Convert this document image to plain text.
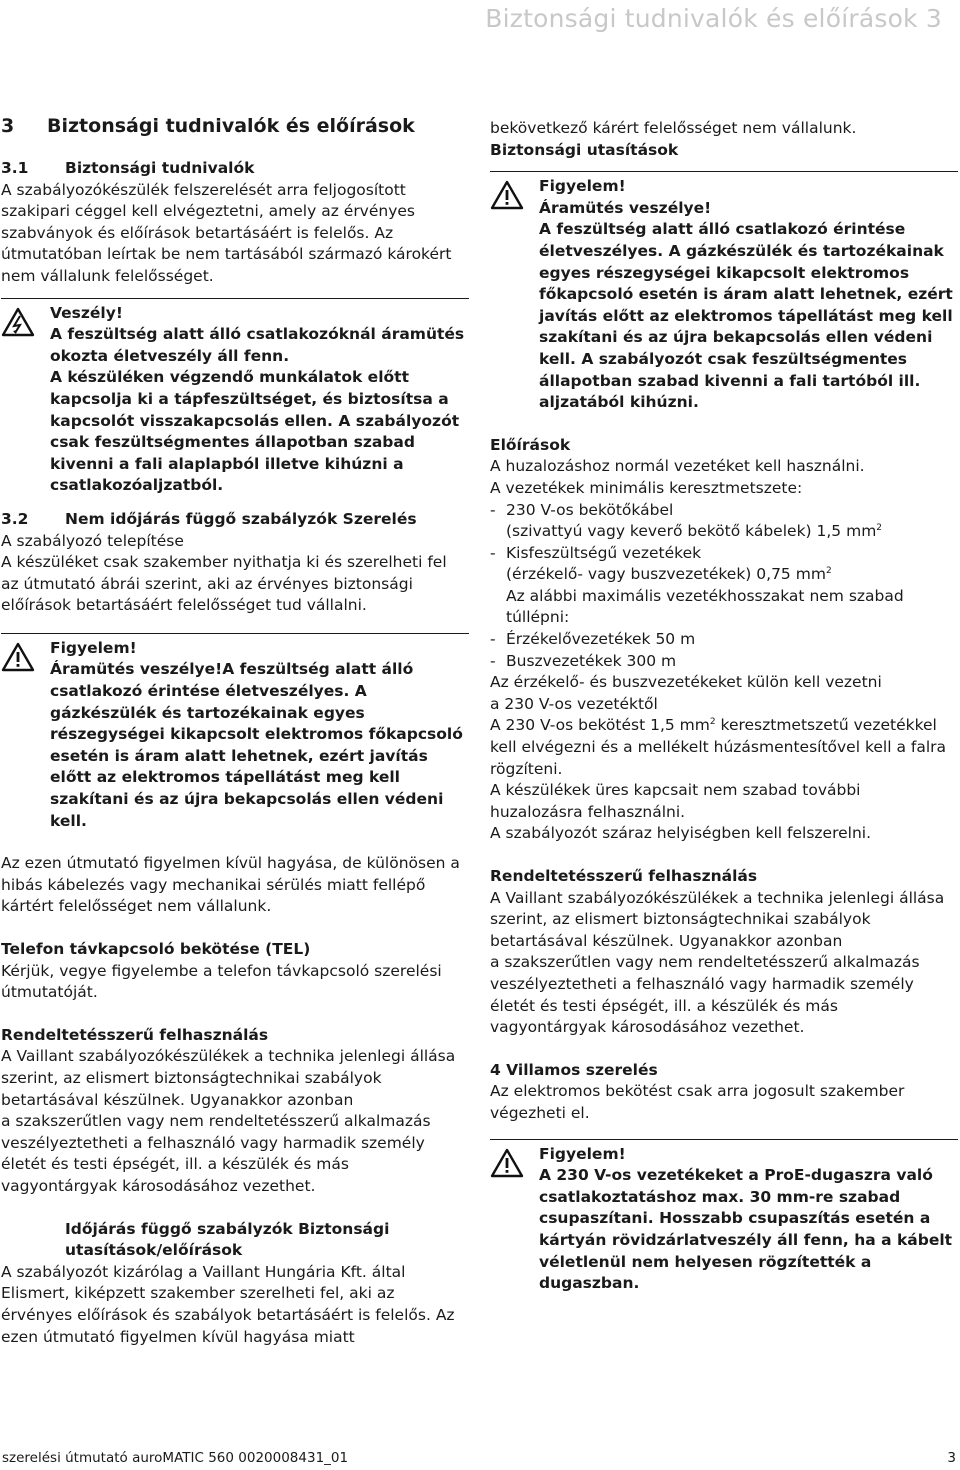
Biztonsági tudnivalók és előírások 3
3 Biztonsági tudnivalók és előírások
3.1 Biztonsági tudnivalók

A szabályozókészülék felszerelését arra feljogosított szakipari céggel kell elvégeztetni, amely az érvényes szabványok és előírások betartásáért is felelős. Az útmutatóban leírtak be nem tartásából származó károkért nem vállalunk felelősséget.

Veszély!

A feszültség alatt álló csatlakozóknál áramütés okozta életveszély áll fenn.

A készüléken végzendő munkálatok előtt kapcsolja ki a tápfeszültséget, és biztosítsa a kapcsolót visszakapcsolás ellen. A szabályozót csak feszültségmentes állapotban szabad kivenni a fali alaplapból illetve kihúzni a csatlakozóaljzatból.

3.2 Nem időjárás függő szabályzók Szerelés

A szabályozó telepítése

A készüléket csak szakember nyithatja ki és szerelheti fel az útmutató ábrái szerint, aki az érvényes biztonsági előírások betartásáért felelősséget tud vállalni.

Figyelem!

Áramütés veszélye!A feszültség alatt álló csatlakozó érintése életveszélyes. A gázkészülék és tartozékainak egyes részegységei kikapcsolt elektromos főkapcsoló esetén is áram alatt lehetnek, ezért javítás előtt az elektromos tápellátást meg kell szakítani és az újra bekapcsolás ellen védeni kell.

Az ezen útmutató figyelmen kívül hagyása, de különösen a hibás kábelezés vagy mechanikai sérülés miatt fellépő kártért felelősséget nem vállalunk.

Telefon távkapcsoló bekötése (TEL)

Kérjük, vegye figyelembe a telefon távkapcsoló szerelési útmutatóját.

Rendeltetésszerű felhasználás

A Vaillant szabályozókészülékek a technika jelenlegi állása szerint, az elismert biztonságtechnikai szabályok betartásával készülnek. Ugyanakkor azonban

a szakszerűtlen vagy nem rendeltetésszerű alkalmazás veszélyeztetheti a felhasználó vagy harmadik személy életét és testi épségét, ill. a készülék és más vagyontárgyak károsodásához vezethet.

Időjárás függő szabályzók Biztonsági utasítások/előírások

A szabályozót kizárólag a Vaillant Hungária Kft. által Elismert, kiképzett szakember szerelheti fel, aki az érvényes előírások és szabályok betartásáért is felelős. Az ezen útmutató figyelmen kívül hagyása miatt

bekövetkező kárért felelősséget nem vállalunk.

Biztonsági utasítások

Figyelem!

Áramütés veszélye!

A feszültség alatt álló csatlakozó érintése életveszélyes. A gázkészülék és tartozékainak egyes részegységei kikapcsolt elektromos főkapcsoló esetén is áram alatt lehetnek, ezért javítás előtt az elektromos tápellátást meg kell szakítani és az újra bekapcsolás ellen védeni kell. A szabályozót csak feszültségmentes állapotban szabad kivenni a fali tartóból ill. aljzatából kihúzni.

Előírások

A huzalozáshoz normál vezetéket kell használni.

A vezetékek minimális keresztmetszete:

- 230 V-os bekötőkábel
(szivattyú vagy keverő bekötő kábelek) 1,5 $mm^2$
- Kisfeszültségű vezetékek
(érzékelő- vagy buszvezetékek) 0,75 $mm^2$

Az alábbi maximális vezetékhosszakat nem szabad túllépni:

- Érzékelővezetékek 50 m
- Buszvezetékek 300 m

Az érzékelő- és buszvezetékeket külön kell vezetni

a 230 V-os vezetéktől

A 230 V-os bekötést 1,5 $mm^2$ keresztmetszetű vezetékkel kell elvégezni és a mellékelt húzásmentesítővel kell a falra rögzíteni.

A készülékek üres kapcsait nem szabad további huzalozásra felhasználni.

A szabályozót száraz helyiségben kell felszerelni.

Rendeltetésszerű felhasználás

A Vaillant szabályozókészülékek a technika jelenlegi állása szerint, az elismert biztonságtechnikai szabályok betartásával készülnek. Ugyanakkor azonban

a szakszerűtlen vagy nem rendeltetésszerű alkalmazás veszélyeztetheti a felhasználó vagy harmadik személy életét és testi épségét, ill. a készülék és más vagyontárgyak károsodásához vezethet.

4 Villamos szerelés

Az elektromos bekötést csak arra jogosult szakember végezheti el.

Figyelem!

A 230 V-os vezetékeket a ProE-dugaszra való csatlakoztatáshoz max. 30 mm-re szabad csupaszítani. Hosszabb csupaszítás esetén a kártyán rövidzárlatveszély áll fenn, ha a kábelt véletlenül nem helyesen rögzítették a dugaszban.

szerelési útmutató auroMATIC 560 0020008431_01	3
